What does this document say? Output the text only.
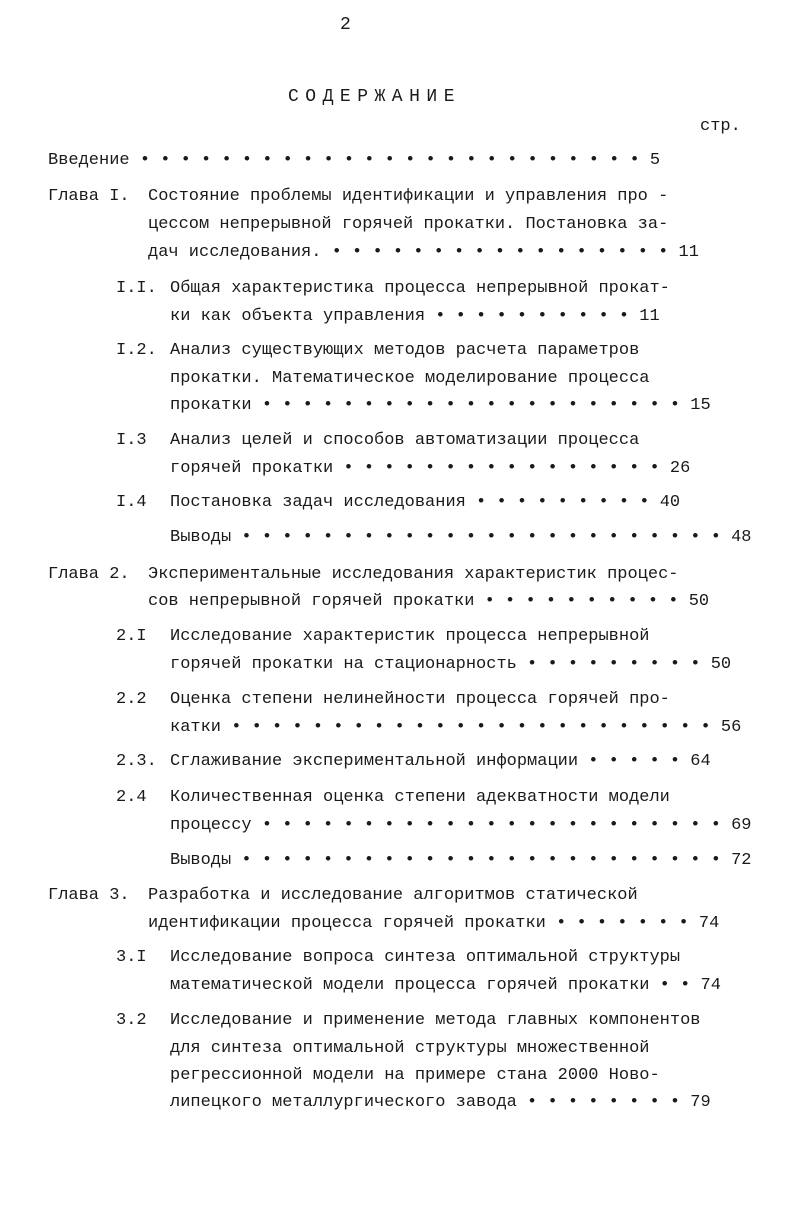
2
СОДЕРЖАНИЕ
стр.
Введение • • • • • • • • • • • • • • • • • • • • • • • • • 5
Глава I. Состояние проблемы идентификации и управления про -
цессом непрерывной горячей прокатки. Постановка за-
дач исследования. • • • • • • • • • • • • • • • • • 11
I.I. Общая характеристика процесса непрерывной прокат-
ки как объекта управления • • • • • • • • • • 11
I.2. Анализ существующих методов расчета параметров
прокатки. Математическое моделирование процесса
прокатки • • • • • • • • • • • • • • • • • • • • • 15
I.3 Анализ целей и способов автоматизации процесса
горячей прокатки • • • • • • • • • • • • • • • • 26
I.4 Постановка задач исследования • • • • • • • • • 40
Выводы • • • • • • • • • • • • • • • • • • • • • • • • 48
Глава 2. Экспериментальные исследования характеристик процес-
сов непрерывной горячей прокатки • • • • • • • • • • 50
2.I Исследование характеристик процесса непрерывной
горячей прокатки на стационарность • • • • • • • • • 50
2.2 Оценка степени нелинейности процесса горячей про-
катки • • • • • • • • • • • • • • • • • • • • • • • • 56
2.3. Сглаживание экспериментальной информации • • • • • 64
2.4 Количественная оценка степени адекватности модели
процессу • • • • • • • • • • • • • • • • • • • • • • • 69
Выводы • • • • • • • • • • • • • • • • • • • • • • • • 72
Глава 3. Разработка и исследование алгоритмов статической
идентификации процесса горячей прокатки • • • • • • • 74
3.I Исследование вопроса синтеза оптимальной структуры
математической модели процесса горячей прокатки • • 74
3.2 Исследование и применение метода главных компонентов
для синтеза оптимальной структуры множественной
регрессионной модели на примере стана 2000 Ново-
липецкого металлургического завода • • • • • • • • 79
